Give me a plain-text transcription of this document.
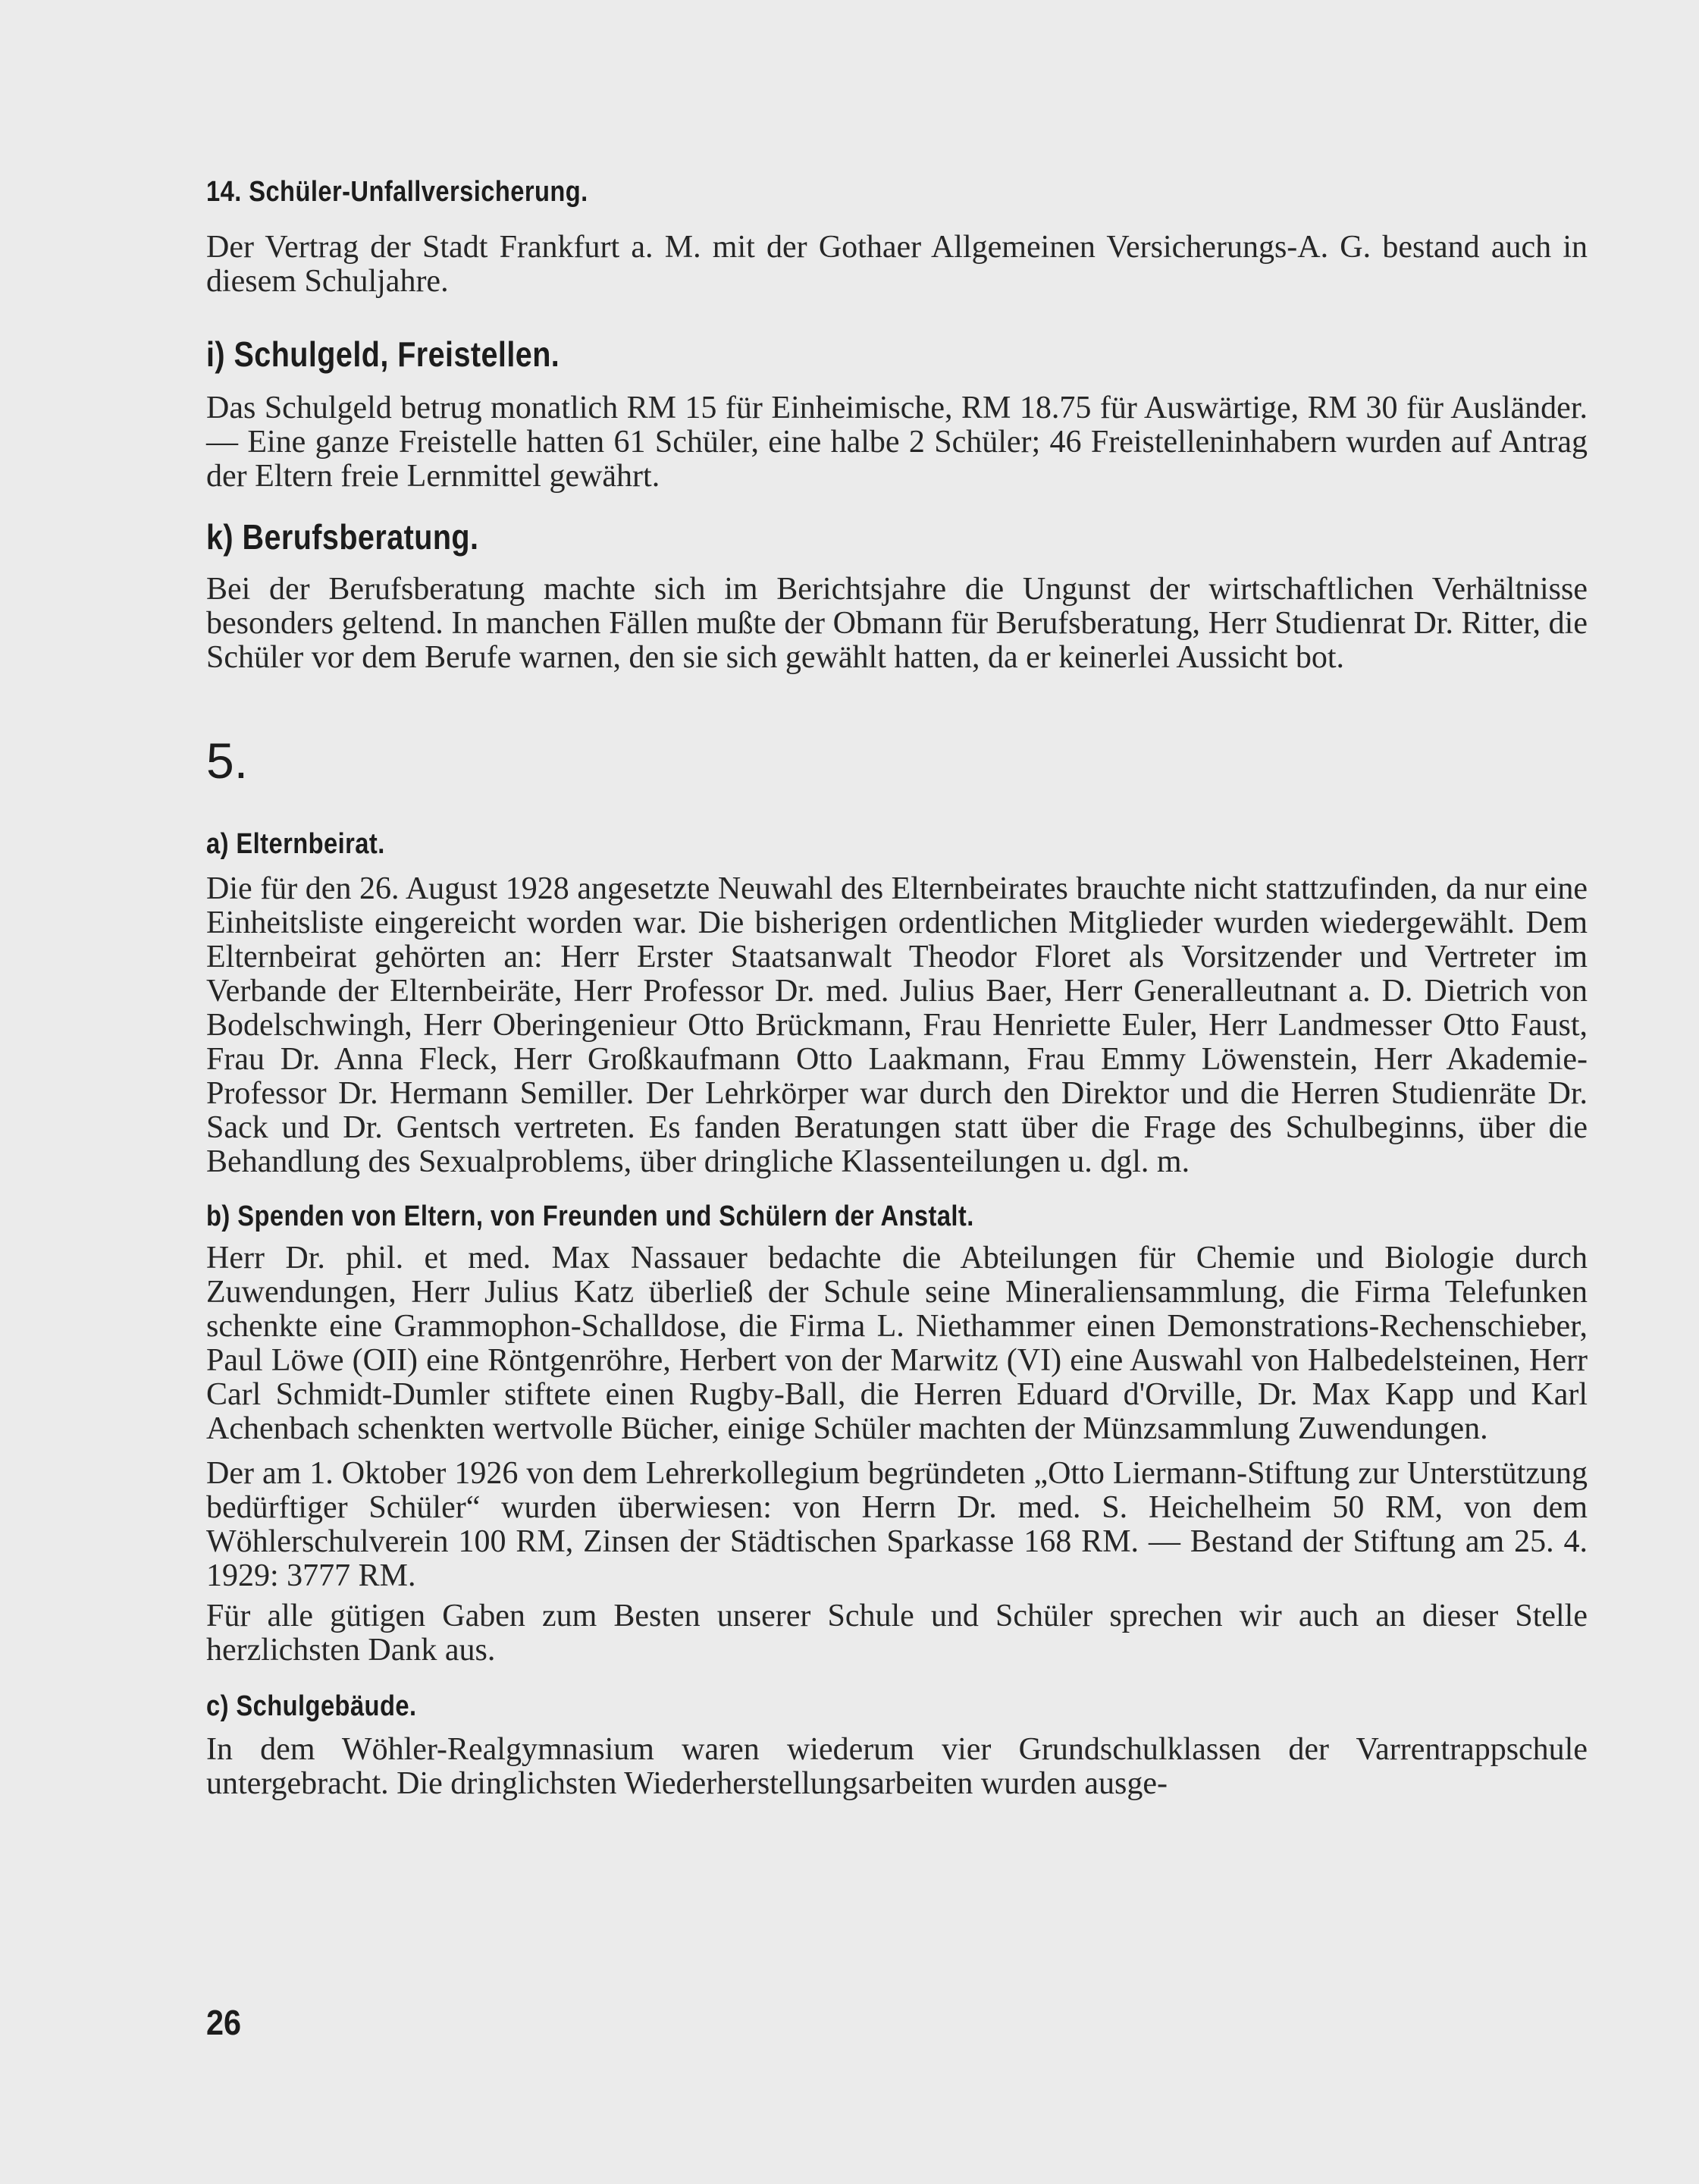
14. Schüler-Unfallversicherung.

Der Vertrag der Stadt Frankfurt a. M. mit der Gothaer Allgemeinen Versicherungs-A. G. bestand auch in diesem Schuljahre.

i) Schulgeld, Freistellen.

Das Schulgeld betrug monatlich RM 15 für Einheimische, RM 18.75 für Auswärtige, RM 30 für Ausländer. — Eine ganze Freistelle hatten 61 Schüler, eine halbe 2 Schüler; 46 Freistelleninhabern wurden auf Antrag der Eltern freie Lernmittel gewährt.

k) Berufsberatung.

Bei der Berufsberatung machte sich im Berichtsjahre die Ungunst der wirtschaftlichen Verhältnisse besonders geltend. In manchen Fällen mußte der Obmann für Berufsberatung, Herr Studienrat Dr. Ritter, die Schüler vor dem Berufe warnen, den sie sich gewählt hatten, da er keinerlei Aussicht bot.

5.
a) Elternbeirat.

Die für den 26. August 1928 angesetzte Neuwahl des Elternbeirates brauchte nicht stattzufinden, da nur eine Einheitsliste eingereicht worden war. Die bisherigen ordentlichen Mitglieder wurden wiedergewählt. Dem Elternbeirat gehörten an: Herr Erster Staatsanwalt Theodor Floret als Vorsitzender und Vertreter im Verbande der Elternbeiräte, Herr Professor Dr. med. Julius Baer, Herr Generalleutnant a. D. Dietrich von Bodelschwingh, Herr Oberingenieur Otto Brückmann, Frau Henriette Euler, Herr Landmesser Otto Faust, Frau Dr. Anna Fleck, Herr Großkaufmann Otto Laakmann, Frau Emmy Löwenstein, Herr Akademie-Professor Dr. Hermann Semiller. Der Lehrkörper war durch den Direktor und die Herren Studienräte Dr. Sack und Dr. Gentsch vertreten. Es fanden Beratungen statt über die Frage des Schulbeginns, über die Behandlung des Sexualproblems, über dringliche Klassenteilungen u. dgl. m.

b) Spenden von Eltern, von Freunden und Schülern der Anstalt.

Herr Dr. phil. et med. Max Nassauer bedachte die Abteilungen für Chemie und Biologie durch Zuwendungen, Herr Julius Katz überließ der Schule seine Mineraliensammlung, die Firma Telefunken schenkte eine Grammophon-Schalldose, die Firma L. Niethammer einen Demonstrations-Rechenschieber, Paul Löwe (OII) eine Röntgenröhre, Herbert von der Marwitz (VI) eine Auswahl von Halbedelsteinen, Herr Carl Schmidt-Dumler stiftete einen Rugby-Ball, die Herren Eduard d'Orville, Dr. Max Kapp und Karl Achenbach schenkten wertvolle Bücher, einige Schüler machten der Münzsammlung Zuwendungen.

Der am 1. Oktober 1926 von dem Lehrerkollegium begründeten „Otto Liermann-Stiftung zur Unterstützung bedürftiger Schüler“ wurden überwiesen: von Herrn Dr. med. S. Heichelheim 50 RM, von dem Wöhlerschulverein 100 RM, Zinsen der Städtischen Sparkasse 168 RM. — Bestand der Stiftung am 25. 4. 1929: 3777 RM.

Für alle gütigen Gaben zum Besten unserer Schule und Schüler sprechen wir auch an dieser Stelle herzlichsten Dank aus.

c) Schulgebäude.

In dem Wöhler-Realgymnasium waren wiederum vier Grundschulklassen der Varrentrappschule untergebracht. Die dringlichsten Wiederherstellungsarbeiten wurden ausge-

26
